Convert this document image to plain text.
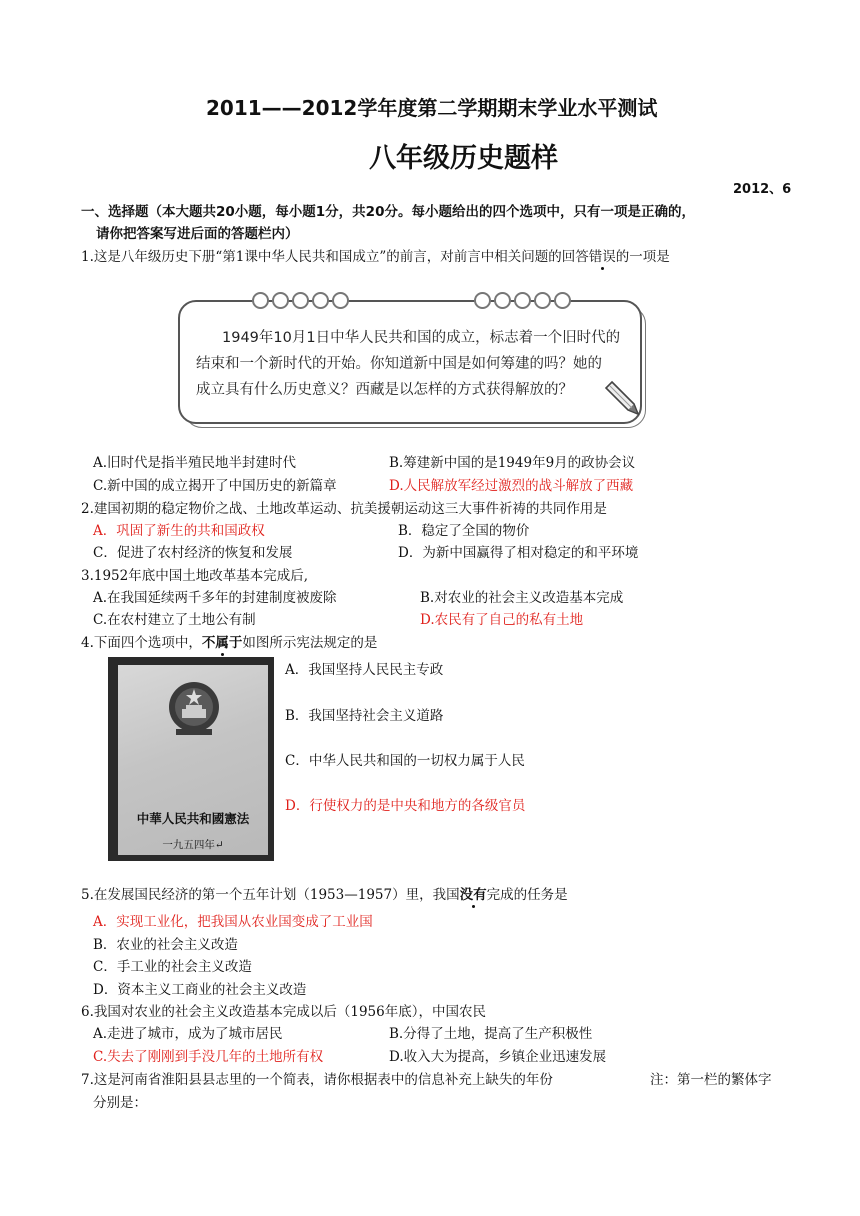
2011——2012学年度第二学期期末学业水平测试
八年级历史题样
2012、6
一、选择题（本大题共20小题，每小题1分，共20分。每小题给出的四个选项中，只有一项是正确的，
请你把答案写进后面的答题栏内）
1.这是八年级历史下册“第1课中华人民共和国成立”的前言，对前言中相关问题的回答错误的一项是
1949年10月1日中华人民共和国的成立，标志着一个旧时代的
结束和一个新时代的开始。你知道新中国是如何筹建的吗？她的
成立具有什么历史意义？西藏是以怎样的方式获得解放的？
A.旧时代是指半殖民地半封建时代	B.筹建新中国的是1949年9月的政协会议
C.新中国的成立揭开了中国历史的新篇章	D.人民解放军经过激烈的战斗解放了西藏
2.建国初期的稳定物价之战、土地改革运动、抗美援朝运动这三大事件祈祷的共同作用是
A．巩固了新生的共和国政权	B．稳定了全国的物价
C．促进了农村经济的恢复和发展	D．为新中国赢得了相对稳定的和平环境
3.1952年底中国土地改革基本完成后,
A.在我国延续两千多年的封建制度被废除	B.对农业的社会主义改造基本完成
C.在农村建立了土地公有制	D.农民有了自己的私有土地
4.下面四个选项中，不属于如图所示宪法规定的是
中華人民共和國憲法
一九五四年↵
A．我国坚持人民民主专政
B．我国坚持社会主义道路
C．中华人民共和国的一切权力属于人民
D．行使权力的是中央和地方的各级官员
5.在发展国民经济的第一个五年计划（1953—1957）里，我国没有完成的任务是
A．实现工业化，把我国从农业国变成了工业国
B．农业的社会主义改造
C．手工业的社会主义改造
D．资本主义工商业的社会主义改造
6.我国对农业的社会主义改造基本完成以后（1956年底），中国农民
A.走进了城市，成为了城市居民	B.分得了土地，提高了生产积极性
C.失去了刚刚到手没几年的土地所有权	D.收入大为提高，乡镇企业迅速发展
7.这是河南省淮阳县县志里的一个简表，请你根据表中的信息补充上缺失的年份	注：第一栏的繁体字
分别是：
